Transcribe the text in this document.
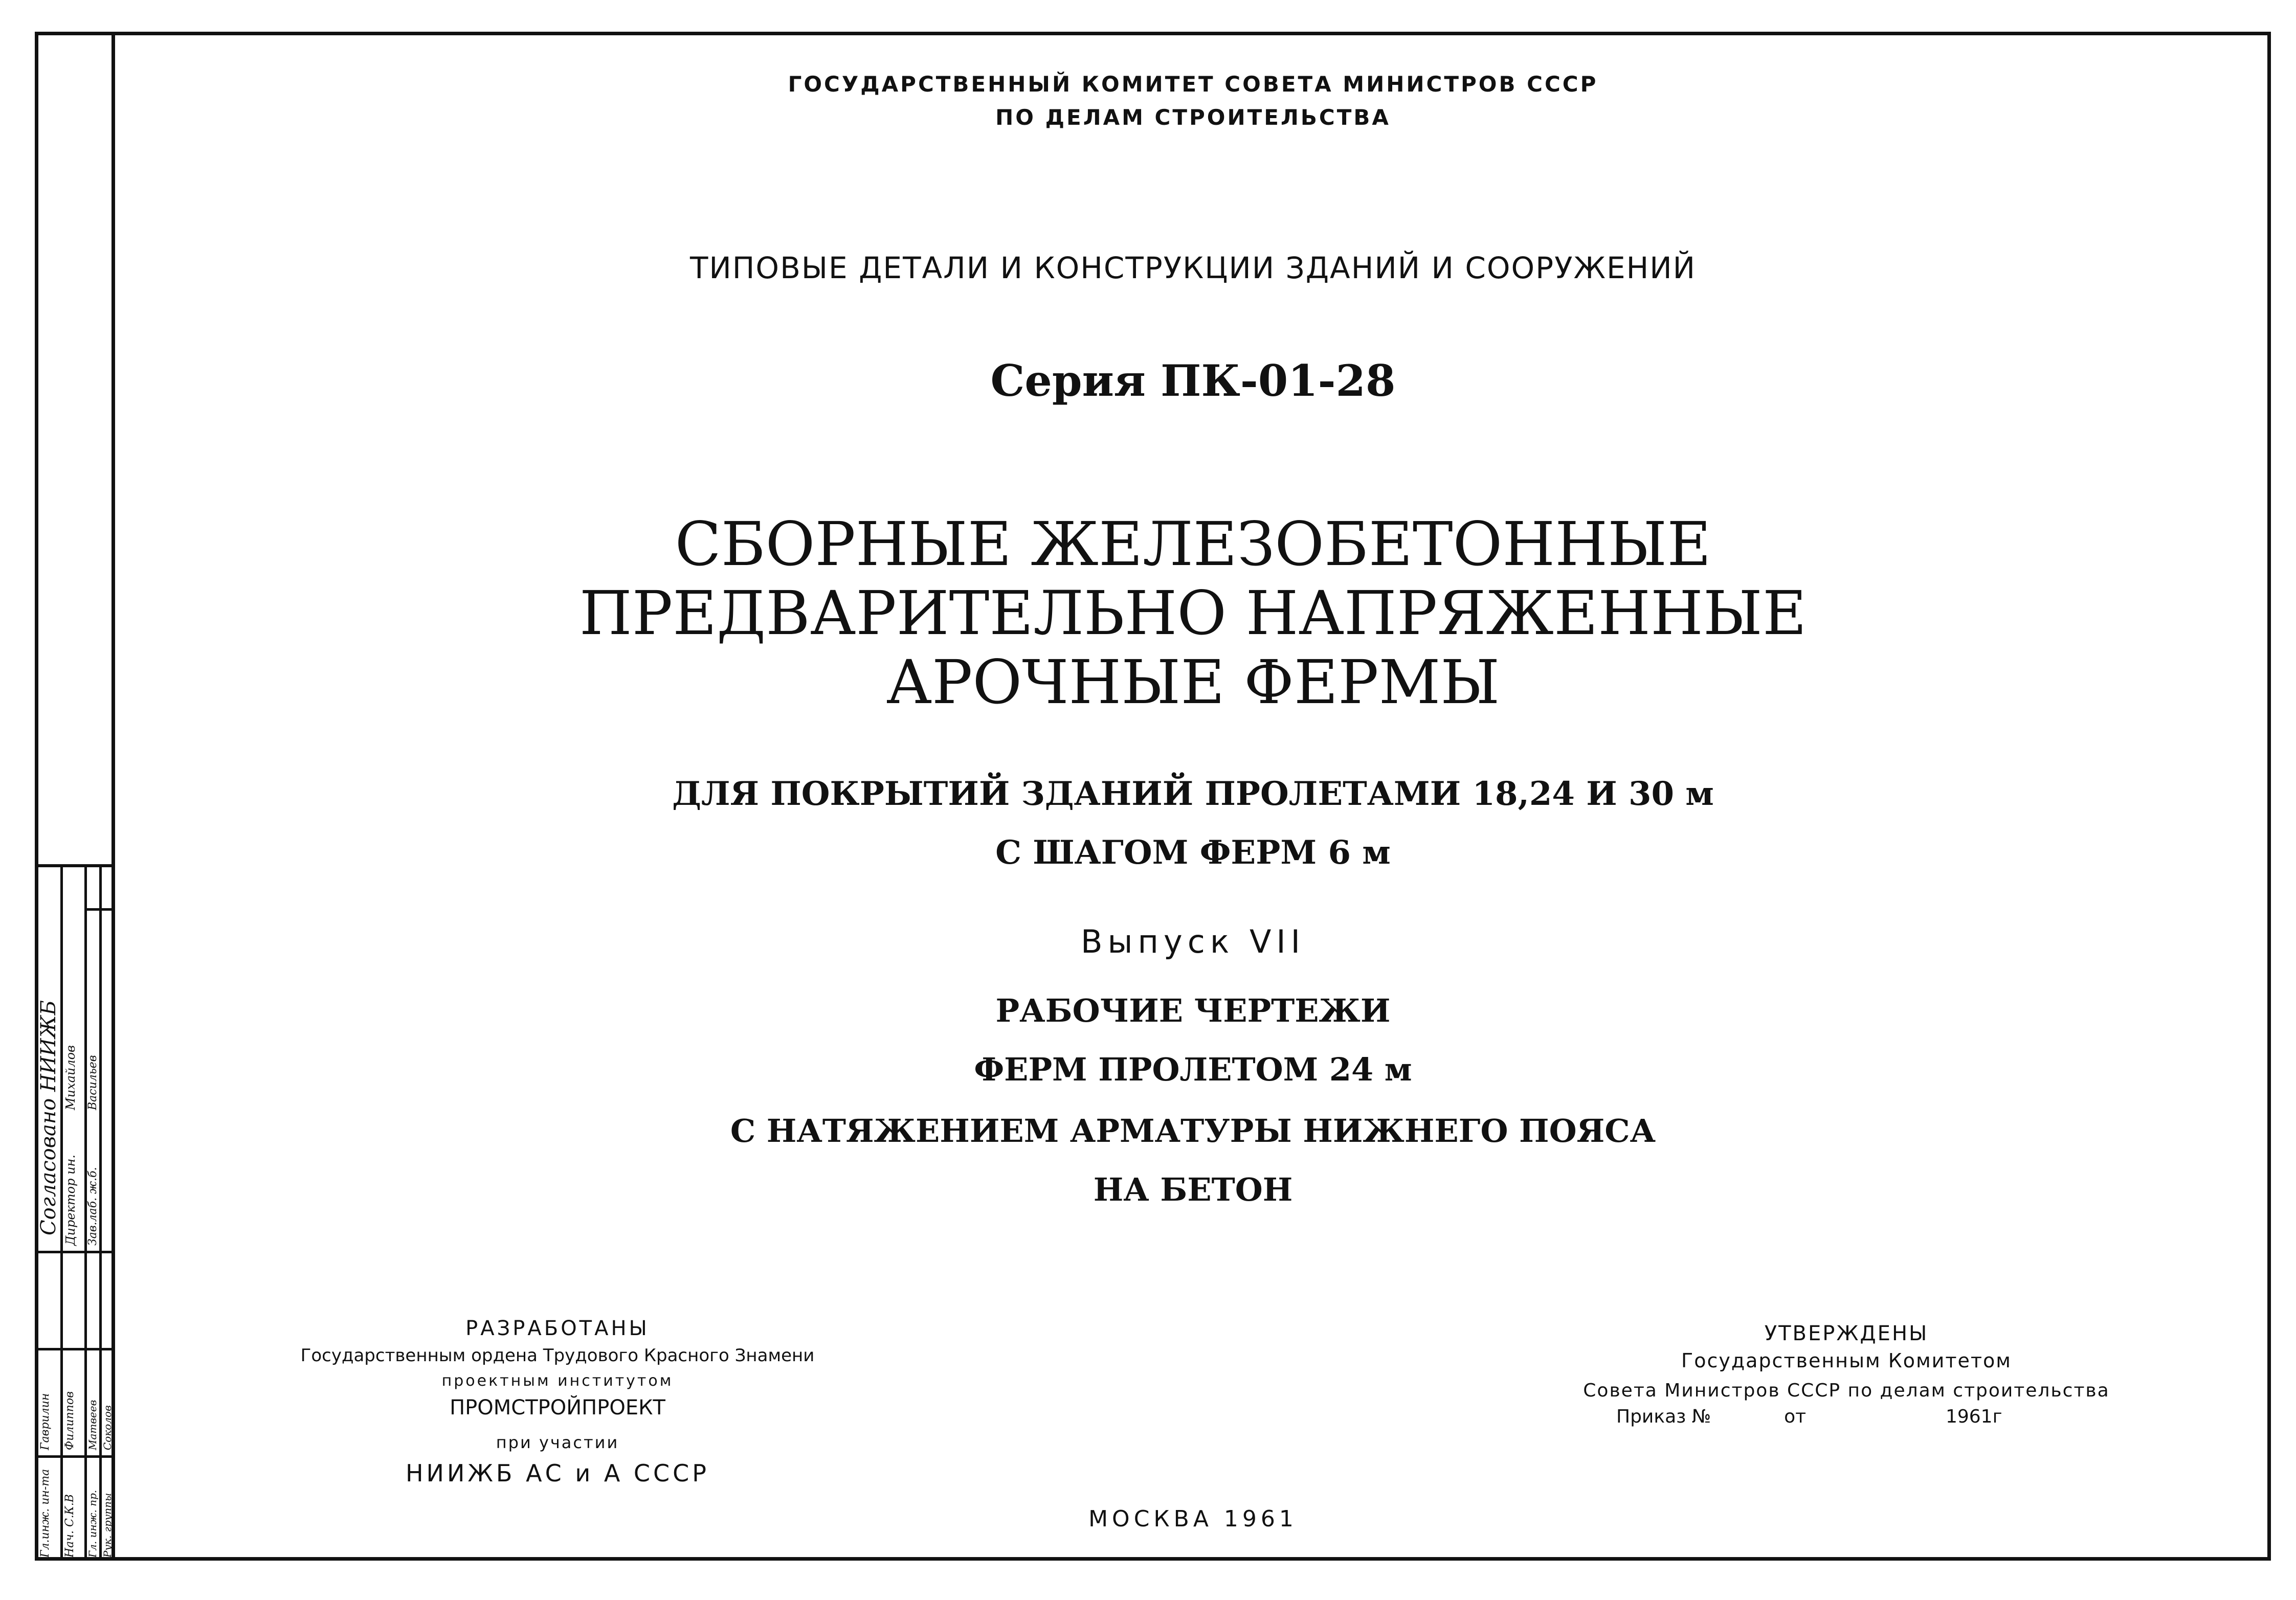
Согласовано НИИЖБ Директор ин.
Михайлов
Зав.лаб. ж.б.
Васильев
Гл.инж. ин-та
Гаврилин
Нач. С.К.В
Филиппов
Гл. инж. пр.
Матвеев
Рук. группы
Соколов
ГОСУДАРСТВЕННЫЙ КОМИТЕТ СОВЕТА МИНИСТРОВ СССР
ПО ДЕЛАМ СТРОИТЕЛЬСТВА
ТИПОВЫЕ ДЕТАЛИ И КОНСТРУКЦИИ ЗДАНИЙ И СООРУЖЕНИЙ
Серия ПК-01-28
СБОРНЫЕ ЖЕЛЕЗОБЕТОННЫЕ
ПРЕДВАРИТЕЛЬНО НАПРЯЖЕННЫЕ
АРОЧНЫЕ ФЕРМЫ
ДЛЯ ПОКРЫТИЙ ЗДАНИЙ ПРОЛЕТАМИ 18,24 И 30 м
С ШАГОМ ФЕРМ 6 м
Выпуск VII
РАБОЧИЕ ЧЕРТЕЖИ
ФЕРМ ПРОЛЕТОМ 24 м
С НАТЯЖЕНИЕМ АРМАТУРЫ НИЖНЕГО ПОЯСА
НА БЕТОН
РАЗРАБОТАНЫ
Государственным ордена Трудового Красного Знамени
проектным институтом
ПРОМСТРОЙПРОЕКТ
при участии
НИИЖБ АС и А СССР
УТВЕРЖДЕНЫ
Государственным Комитетом
Совета Министров СССР по делам строительства
Приказ №	от	1961г
МОСКВА 1961
